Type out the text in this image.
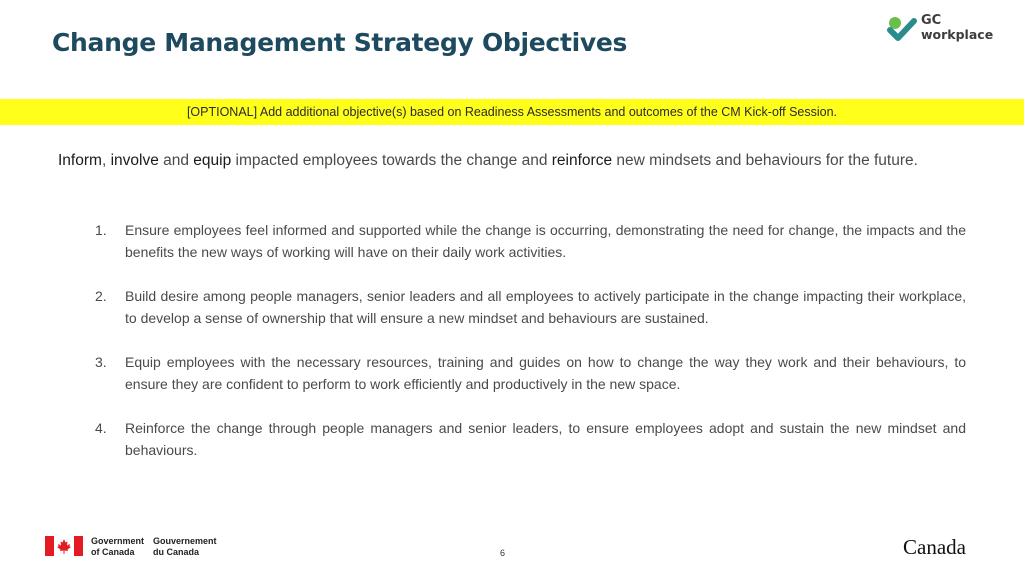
Change Management Strategy Objectives
GC
workplace
[OPTIONAL] Add additional objective(s) based on Readiness Assessments and outcomes of the CM Kick-off Session.

Inform, involve and equip impacted employees towards the change and reinforce new mindsets and behaviours for the future.

1. Ensure employees feel informed and supported while the change is occurring, demonstrating the need for change, the impacts and the benefits the new ways of working will have on their daily work activities.
2. Build desire among people managers, senior leaders and all employees to actively participate in the change impacting their workplace, to develop a sense of ownership that will ensure a new mindset and behaviours are sustained.
3. Equip employees with the necessary resources, training and guides on how to change the way they work and their behaviours, to ensure they are confident to perform to work efficiently and productively in the new space.
4. Reinforce the change through people managers and senior leaders, to ensure employees adopt and sustain the new mindset and behaviours.
Government
of Canada
Gouvernement
du Canada	6	Canada
